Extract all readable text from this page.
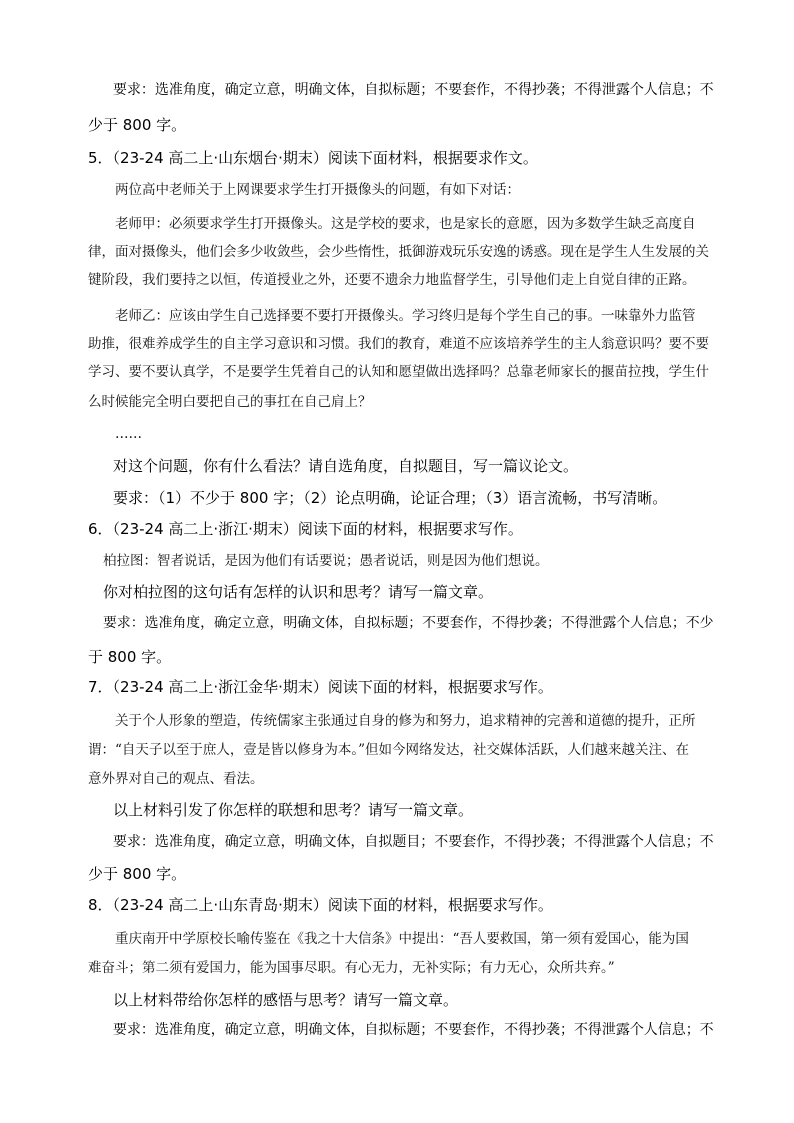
要求：选准角度，确定立意，明确文体，自拟标题；不要套作，不得抄袭；不得泄露个人信息；不
少于 800 字。
5．（23-24 高二上·山东烟台·期末）阅读下面材料，根据要求作文。
两位高中老师关于上网课要求学生打开摄像头的问题，有如下对话：
老师甲：必须要求学生打开摄像头。这是学校的要求，也是家长的意愿，因为多数学生缺乏高度自
律，面对摄像头，他们会多少收敛些，会少些惰性，抵御游戏玩乐安逸的诱惑。现在是学生人生发展的关
键阶段，我们要持之以恒，传道授业之外，还要不遗余力地监督学生，引导他们走上自觉自律的正路。
老师乙：应该由学生自己选择要不要打开摄像头。学习终归是每个学生自己的事。一味靠外力监管
助推，很难养成学生的自主学习意识和习惯。我们的教育，难道不应该培养学生的主人翁意识吗？要不要
学习、要不要认真学，不是要学生凭着自己的认知和愿望做出选择吗？总靠老师家长的揠苗拉拽，学生什
么时候能完全明白要把自己的事扛在自己肩上？
……
对这个问题，你有什么看法？请自选角度，自拟题目，写一篇议论文。
要求：（1）不少于 800 字；（2）论点明确，论证合理；（3）语言流畅，书写清晰。
6．（23-24 高二上·浙江·期末）阅读下面的材料，根据要求写作。
柏拉图：智者说话，是因为他们有话要说；愚者说话，则是因为他们想说。
你对柏拉图的这句话有怎样的认识和思考？请写一篇文章。
要求：选准角度，确定立意，明确文体，自拟标题；不要套作，不得抄袭；不得泄露个人信息；不少
于 800 字。
7．（23-24 高二上·浙江金华·期末）阅读下面的材料，根据要求写作。
关于个人形象的塑造，传统儒家主张通过自身的修为和努力，追求精神的完善和道德的提升，正所
谓：“自天子以至于庶人，壹是皆以修身为本。”但如今网络发达，社交媒体活跃，人们越来越关注、在
意外界对自己的观点、看法。
以上材料引发了你怎样的联想和思考？请写一篇文章。
要求：选准角度，确定立意，明确文体，自拟题目；不要套作，不得抄袭；不得泄露个人信息；不
少于 800 字。
8．（23-24 高二上·山东青岛·期末）阅读下面的材料，根据要求写作。
重庆南开中学原校长喻传鉴在《我之十大信条》中提出：“吾人要救国，第一须有爱国心，能为国
难奋斗；第二须有爱国力，能为国事尽职。有心无力，无补实际；有力无心，众所共弃。”
以上材料带给你怎样的感悟与思考？请写一篇文章。
要求：选准角度，确定立意，明确文体，自拟标题；不要套作，不得抄袭；不得泄露个人信息；不
